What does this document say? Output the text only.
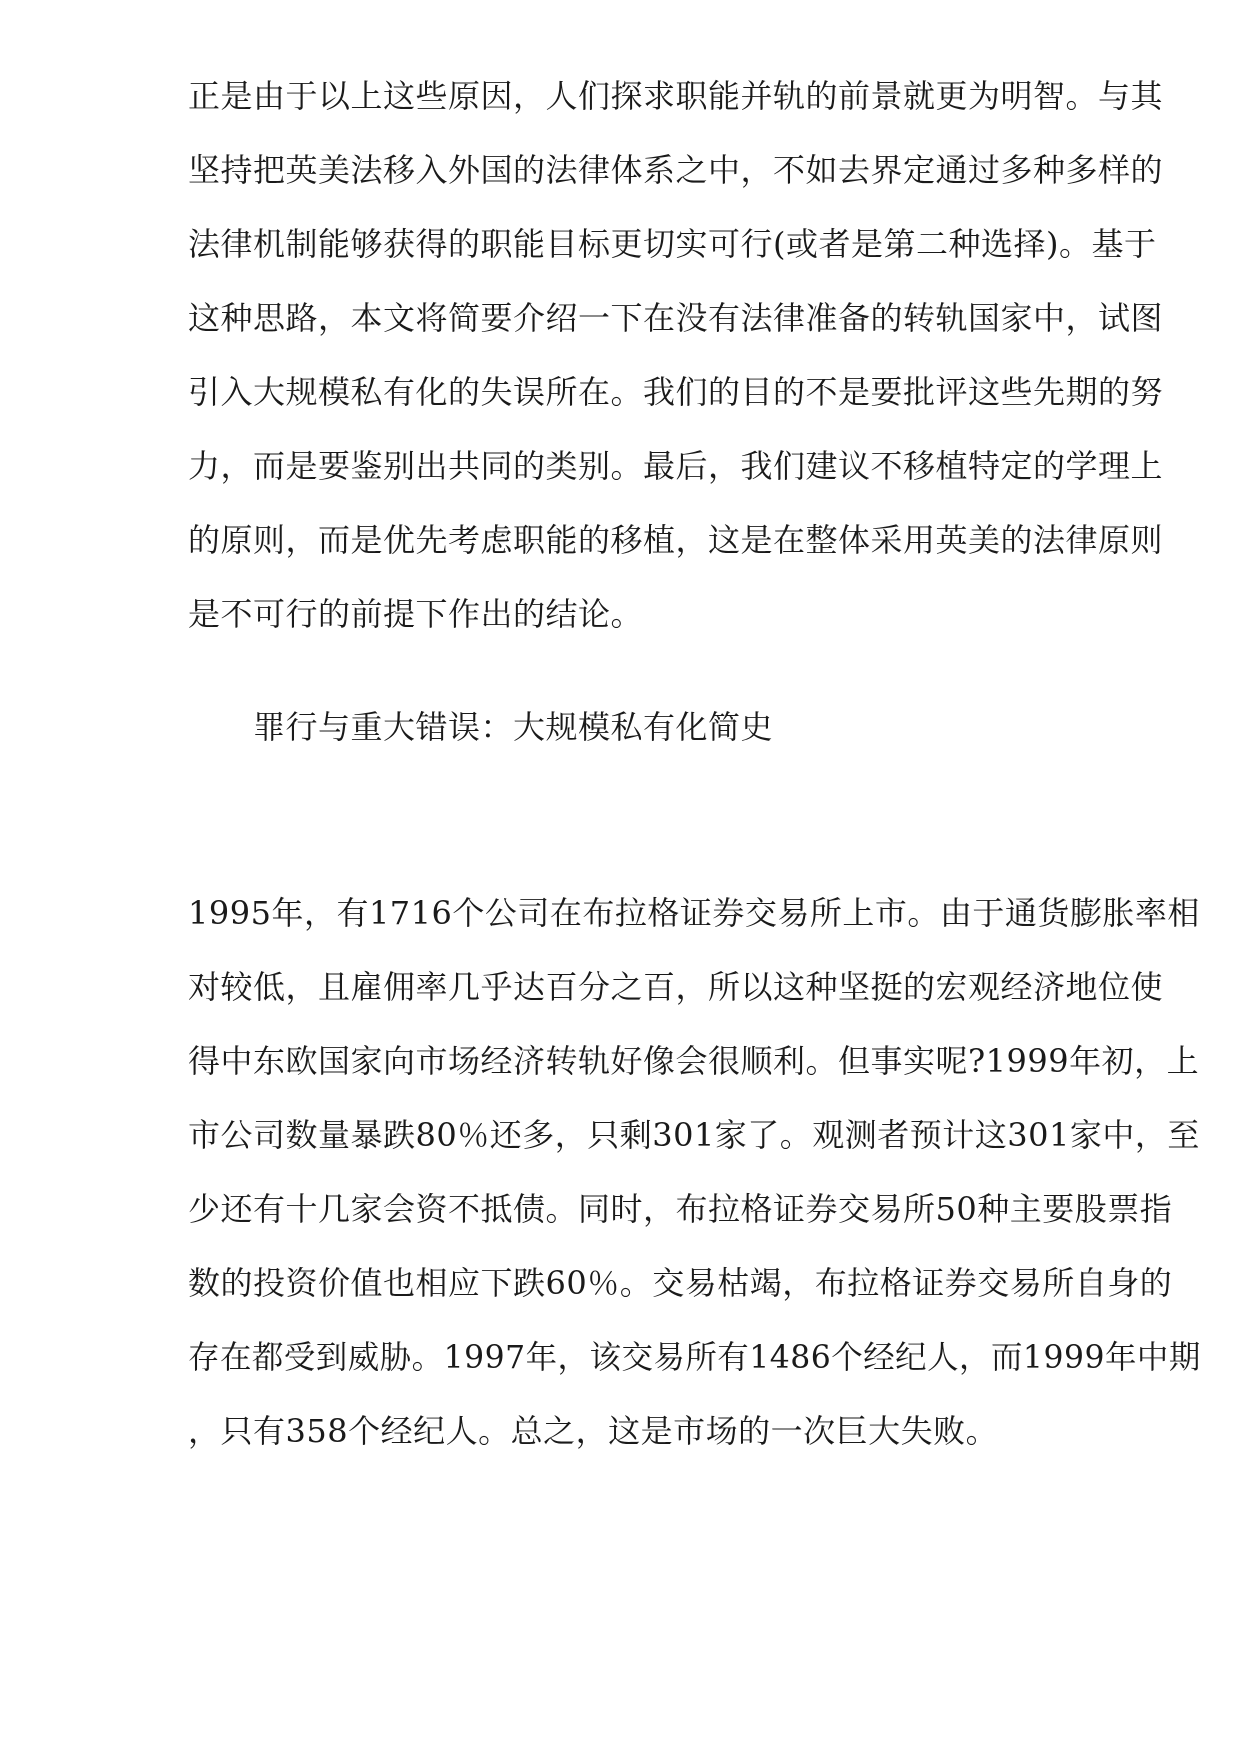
正是由于以上这些原因，人们探求职能并轨的前景就更为明智。与其
坚持把英美法移入外国的法律体系之中，不如去界定通过多种多样的
法律机制能够获得的职能目标更切实可行(或者是第二种选择)。基于
这种思路，本文将简要介绍一下在没有法律准备的转轨国家中，试图
引入大规模私有化的失误所在。我们的目的不是要批评这些先期的努
力，而是要鉴别出共同的类别。最后，我们建议不移植特定的学理上
的原则，而是优先考虑职能的移植，这是在整体采用英美的法律原则
是不可行的前提下作出的结论。
罪行与重大错误：大规模私有化简史
1995年，有1716个公司在布拉格证券交易所上市。由于通货膨胀率相
对较低，且雇佣率几乎达百分之百，所以这种坚挺的宏观经济地位使
得中东欧国家向市场经济转轨好像会很顺利。但事实呢?1999年初，上
市公司数量暴跌80％还多，只剩301家了。观测者预计这301家中，至
少还有十几家会资不抵债。同时，布拉格证券交易所50种主要股票指
数的投资价值也相应下跌60％。交易枯竭，布拉格证券交易所自身的
存在都受到威胁。1997年，该交易所有1486个经纪人，而1999年中期
，只有358个经纪人。总之，这是市场的一次巨大失败。
